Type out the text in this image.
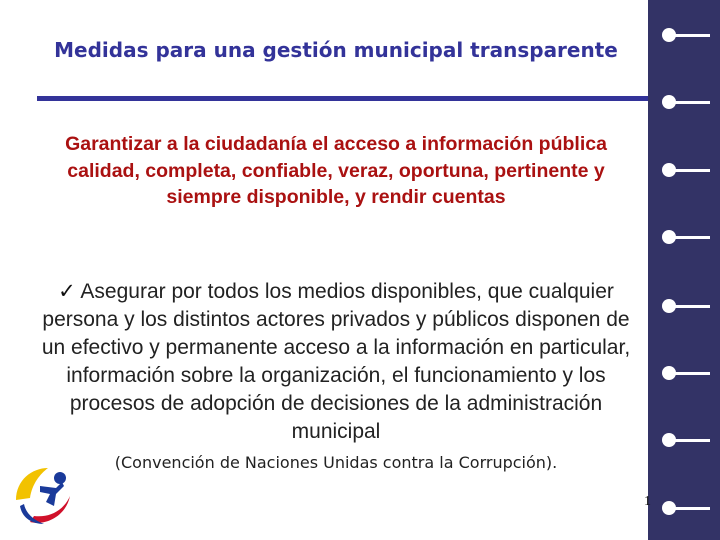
Medidas para una gestión municipal transparente
Garantizar a la ciudadanía el acceso a información pública calidad, completa, confiable, veraz, oportuna, pertinente y siempre disponible, y rendir cuentas
✓ Asegurar por todos los medios disponibles, que cualquier persona y los distintos actores privados y públicos disponen de un efectivo y permanente acceso a la información en particular, información sobre la organización, el funcionamiento y los procesos de adopción de decisiones de la administración municipal
(Convención de Naciones Unidas contra la Corrupción).
1
